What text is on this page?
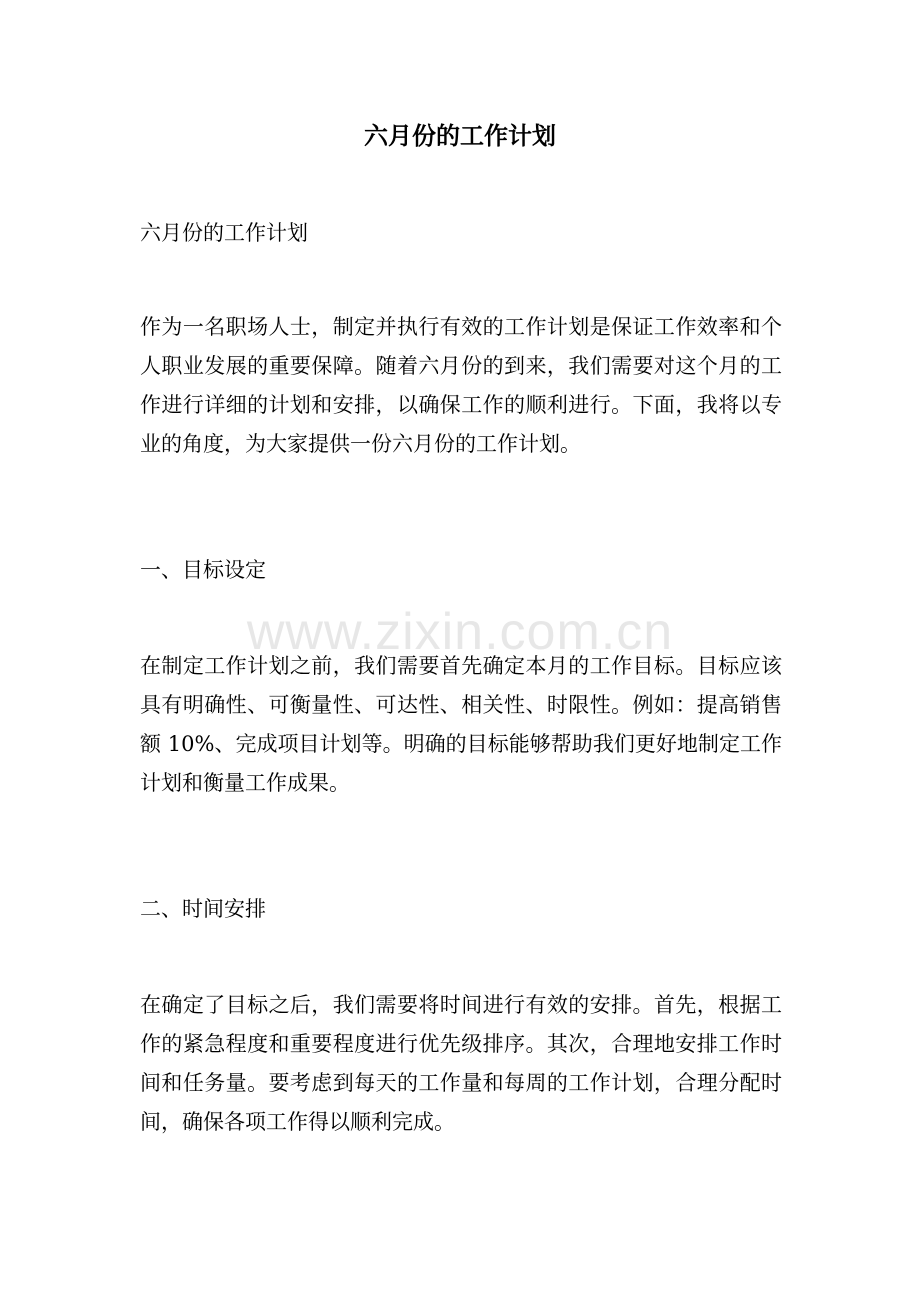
六月份的工作计划

六月份的工作计划

作为一名职场人士，制定并执行有效的工作计划是保证工作效率和个人职业发展的重要保障。随着六月份的到来，我们需要对这个月的工作进行详细的计划和安排，以确保工作的顺利进行。下面，我将以专业的角度，为大家提供一份六月份的工作计划。

一、目标设定

在制定工作计划之前，我们需要首先确定本月的工作目标。目标应该具有明确性、可衡量性、可达性、相关性、时限性。例如：提高销售额 10%、完成项目计划等。明确的目标能够帮助我们更好地制定工作计划和衡量工作成果。

二、时间安排

在确定了目标之后，我们需要将时间进行有效的安排。首先，根据工作的紧急程度和重要程度进行优先级排序。其次，合理地安排工作时间和任务量。要考虑到每天的工作量和每周的工作计划，合理分配时间，确保各项工作得以顺利完成。

www.zixin.com.cn
